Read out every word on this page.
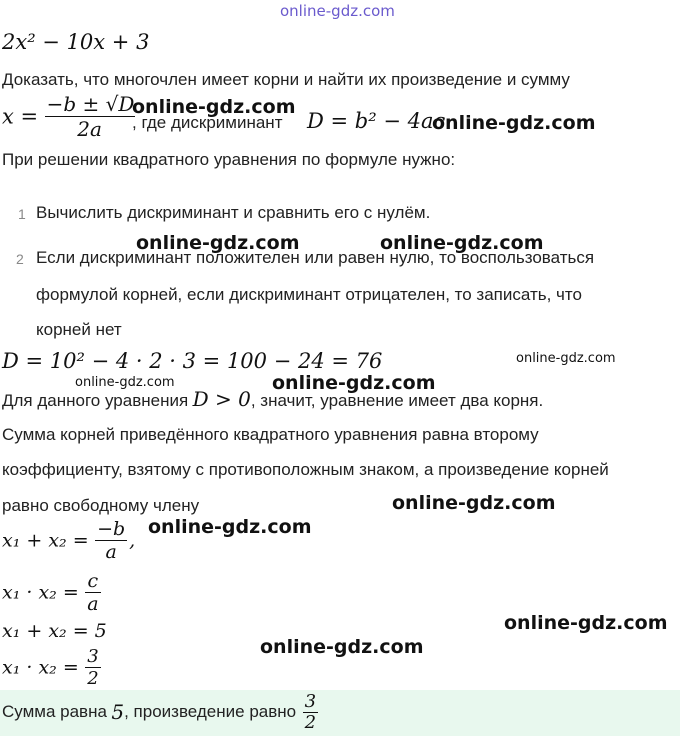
online-gdz.com
2x² − 10x + 3
Доказать, что многочлен имеет корни и найти их произведение и сумму
$x = \frac{-b \pm √D}{2a}$
, где дискриминант D = b² − 4ac
При решении квадратного уравнения по формуле нужно:
1 Вычислить дискриминант и сравнить его с нулём.
2 Если дискриминант положителен или равен нулю, то воспользоваться
формулой корней, если дискриминант отрицателен, то записать, что
корней нет
D = 10² − 4 · 2 · 3 = 100 − 24 = 76
Для данного уравнения D > 0, значит, уравнение имеет два корня.
Сумма корней приведённого квадратного уравнения равна второму
коэффициенту, взятому с противоположным знаком, а произведение корней
равно свободному члену
$x_1 + x_2 = \frac{-b}{a}$ ,
$x_1 \cdot x_2 = \frac{c}{a}$
x₁ + x₂ = 5
$x_1 \cdot x_2 = \frac{3}{2}$
Сумма равна 5, произведение равно $\frac{3}{2}$
online-gdz.com
online-gdz.com
online-gdz.com	online-gdz.com
online-gdz.com
online-gdz.com	online-gdz.com
online-gdz.com
online-gdz.com
online-gdz.com
online-gdz.com
